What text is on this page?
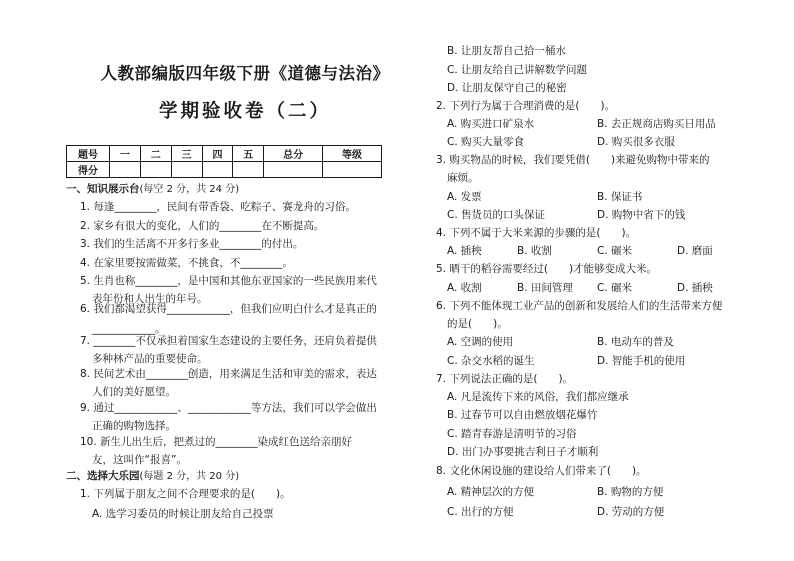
人教部编版四年级下册《道德与法治》
学期验收卷（二）
题号	一	二	三	四	五	总分	等级
得分							
一、知识展示台(每空 2 分，共 24 分)
1. 每逢________，民间有带香袋、吃粽子、赛龙舟的习俗。
2. 家乡有很大的变化，人们的________在不断提高。
3. 我们的生活离不开多行多业________的付出。
4. 在家里要按需做菜，不挑食，不________。
5. 生肖也称________，是中国和其他东亚国家的一些民族用来代
表年份和人出生的年号。
6. 我们都渴望获得____________，但我们应明白什么才是真正的
____________。
7. ________不仅承担着国家生态建设的主要任务，还肩负着提供
多种林产品的重要使命。
8. 民间艺术由________创造，用来满足生活和审美的需求，表达
人们的美好愿望。
9. 通过____________、____________等方法，我们可以学会做出
正确的购物选择。
10. 新生儿出生后，把煮过的________染成红色送给亲朋好
友，这叫作“报喜”。
二、选择大乐园(每题 2 分，共 20 分)
1. 下列属于朋友之间不合理要求的是(　　)。
A. 选学习委员的时候让朋友给自己投票
B. 让朋友帮自己拾一桶水
C. 让朋友给自己讲解数学问题
D. 让朋友保守自己的秘密
2. 下列行为属于合理消费的是(　　)。
A. 购买进口矿泉水	B. 去正规商店购买日用品
C. 购买大量零食	D. 购买很多衣服
3. 购买物品的时候，我们要凭借(　　)来避免购物中带来的
麻烦。
A. 发票	B. 保证书
C. 售货员的口头保证	D. 购物中省下的钱
4. 下列不属于大米来源的步骤的是(　　)。
A. 插秧	B. 收割	C. 碾米	D. 磨面
5. 晒干的稻谷需要经过(　　)才能够变成大米。
A. 收割	B. 田间管理 C. 碾米	D. 插秧
6. 下列不能体现工业产品的创新和发展给人们的生活带来方便
的是(　　)。
A. 空调的使用	B. 电动车的普及
C. 杂交水稻的诞生	D. 智能手机的使用
7. 下列说法正确的是(　　)。
A. 凡是流传下来的风俗，我们都应继承
B. 过春节可以自由燃放烟花爆竹
C. 踏青春游是清明节的习俗
D. 出门办事要挑吉利日子才顺利
8. 文化休闲设施的建设给人们带来了(　　)。
A. 精神层次的方便	B. 购物的方便
C. 出行的方便	D. 劳动的方便
